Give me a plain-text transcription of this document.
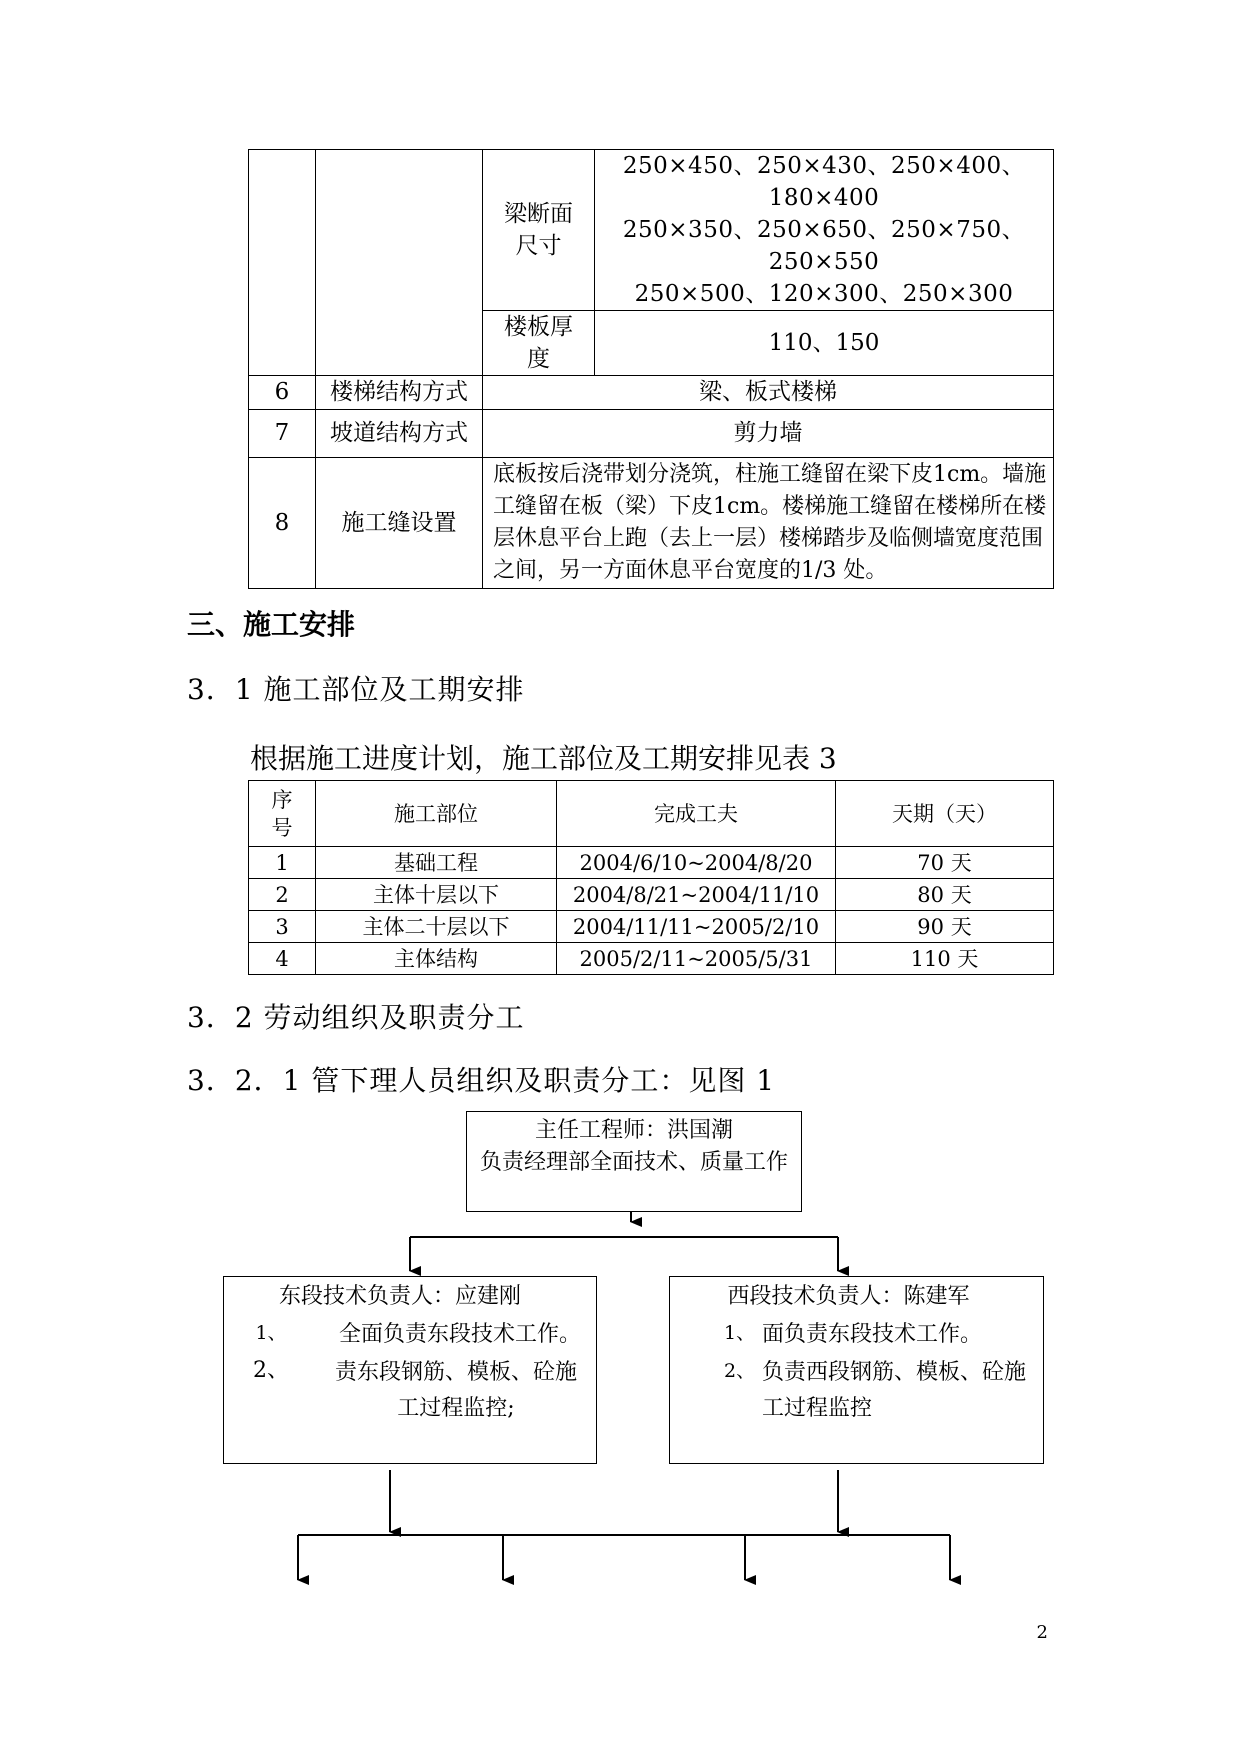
		梁断面尺寸	250×450、250×430、250×400、180×400
250×350、250×650、250×750、250×550
250×500、120×300、250×300

		楼板厚度	110、150
6	楼梯结构方式	梁、板式楼梯	
7	坡道结构方式	剪力墙	
8	施工缝设置	底板按后浇带划分浇筑，柱施工缝留在梁下皮1cm。墙施工缝留在板（梁）下皮1cm。楼梯施工缝留在楼梯所在楼层休息平台上跑（去上一层）楼梯踏步及临侧墙宽度范围之间，另一方面休息平台宽度的1/3 处。	
三、施工安排
3．1 施工部位及工期安排
根据施工进度计划，施工部位及工期安排见表 3
序号	施工部位	完成工夫	天期（天）
1	基础工程	2004/6/10~2004/8/20	70 天
2	主体十层以下	2004/8/21~2004/11/10	80 天
3	主体二十层以下	2004/11/11~2005/2/10	90 天
4	主体结构	2005/2/11~2005/5/31	110 天
3．2 劳动组织及职责分工
3．2．1 管下理人员组织及职责分工：见图 1
主任工程师：洪国潮
负责经理部全面技术、质量工作
东段技术负责人：应建刚
1、	全面负责东段技术工作。
2、	责东段钢筋、模板、砼施工过程监控;
西段技术负责人：陈建军
1、 面负责东段技术工作。
2、 负责西段钢筋、模板、砼施工过程监控
2
